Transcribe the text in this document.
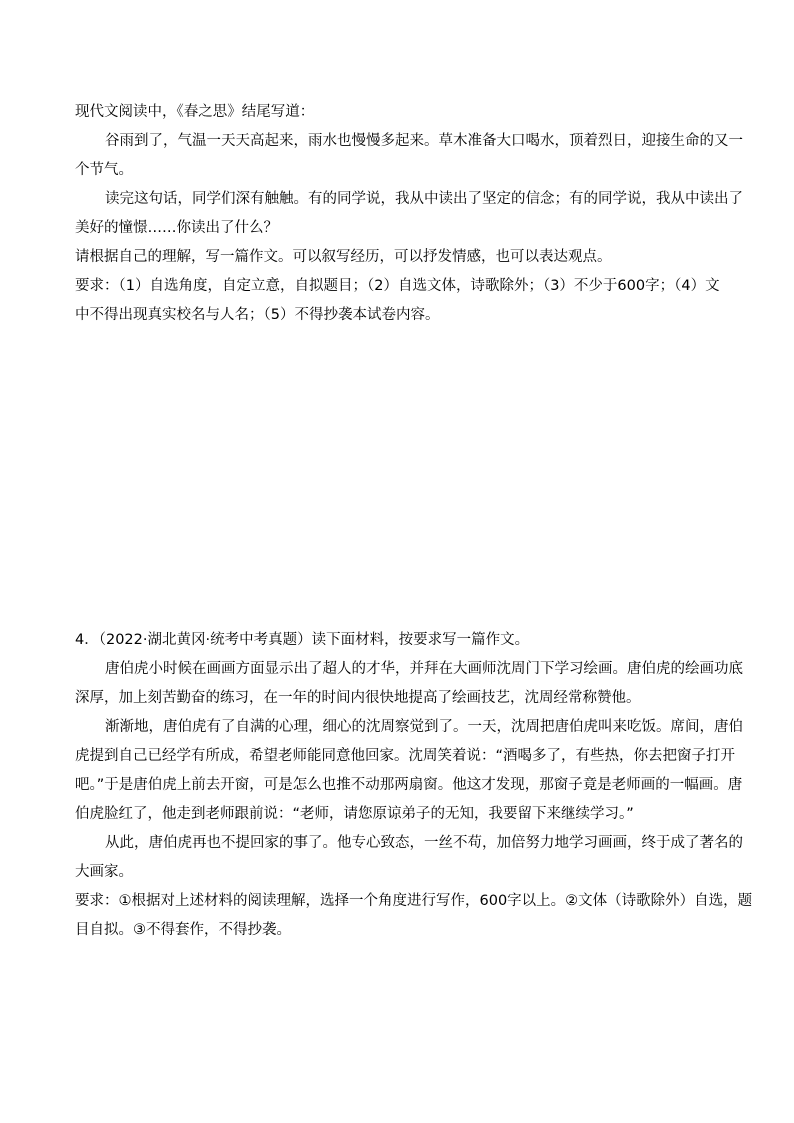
现代文阅读中，《春之思》结尾写道：

谷雨到了，气温一天天高起来，雨水也慢慢多起来。草木准备大口喝水，顶着烈日，迎接生命的又一

个节气。

读完这句话，同学们深有触触。有的同学说，我从中读出了坚定的信念；有的同学说，我从中读出了

美好的憧憬……你读出了什么？

请根据自己的理解，写一篇作文。可以叙写经历，可以抒发情感，也可以表达观点。

要求：（1）自选角度，自定立意，自拟题目；（2）自选文体，诗歌除外；（3）不少于600字；（4）文

中不得出现真实校名与人名；（5）不得抄袭本试卷内容。

4．（2022·湖北黄冈·统考中考真题）读下面材料，按要求写一篇作文。

唐伯虎小时候在画画方面显示出了超人的才华，并拜在大画师沈周门下学习绘画。唐伯虎的绘画功底

深厚，加上刻苦勤奋的练习，在一年的时间内很快地提高了绘画技艺，沈周经常称赞他。

渐渐地，唐伯虎有了自满的心理，细心的沈周察觉到了。一天，沈周把唐伯虎叫来吃饭。席间，唐伯

虎提到自己已经学有所成，希望老师能同意他回家。沈周笑着说：“酒喝多了，有些热，你去把窗子打开

吧。”于是唐伯虎上前去开窗，可是怎么也推不动那两扇窗。他这才发现，那窗子竟是老师画的一幅画。唐

伯虎脸红了，他走到老师跟前说：“老师，请您原谅弟子的无知，我要留下来继续学习。”

从此，唐伯虎再也不提回家的事了。他专心致态，一丝不苟，加倍努力地学习画画，终于成了著名的

大画家。

要求：①根据对上述材料的阅读理解，选择一个角度进行写作，600字以上。②文体（诗歌除外）自选，题

目自拟。③不得套作，不得抄袭。
